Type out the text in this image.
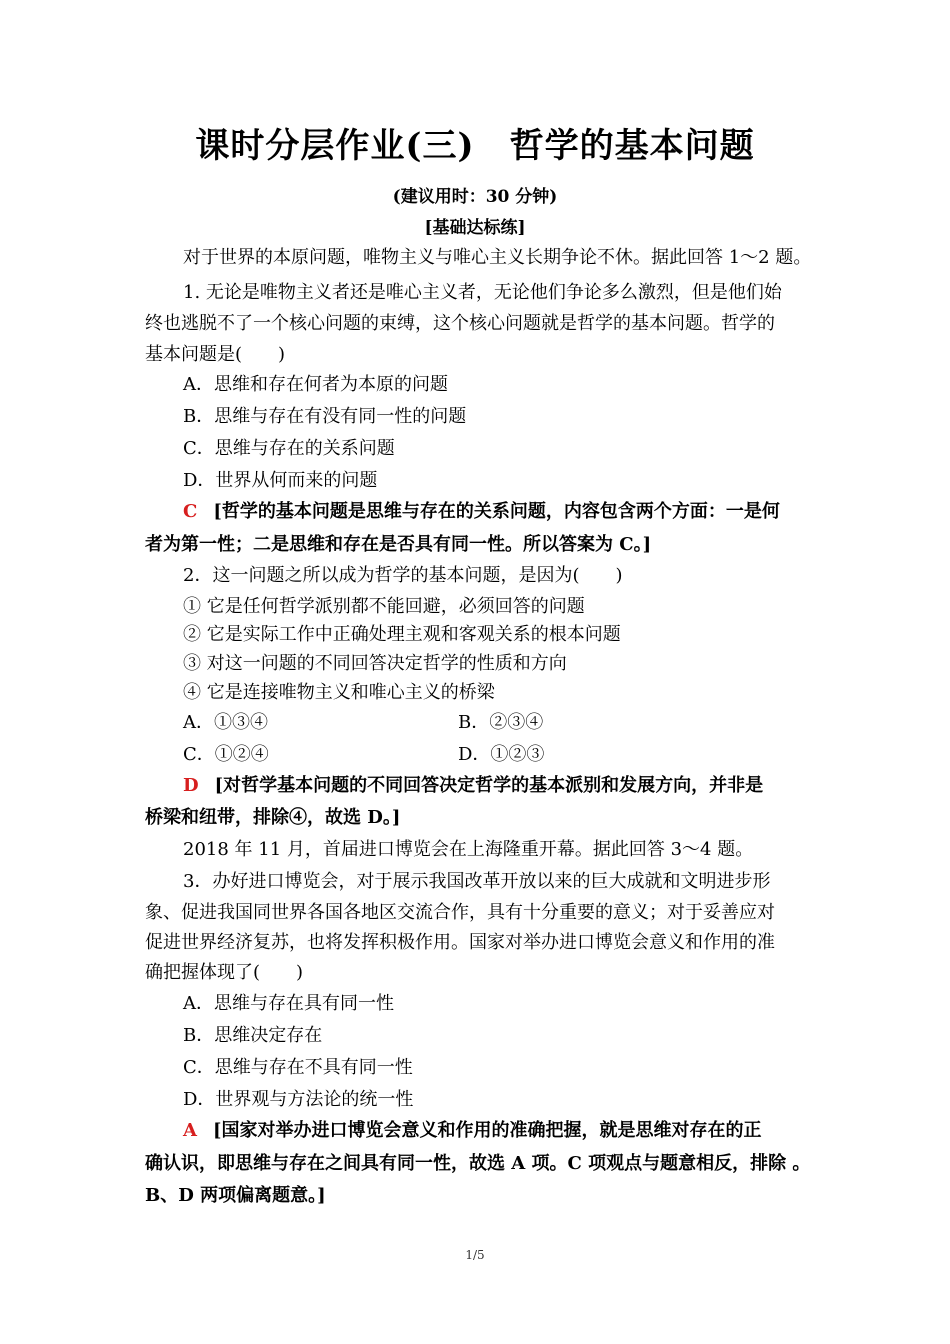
课时分层作业(三)　哲学的基本问题
(建议用时：30 分钟)
[基础达标练]
对于世界的本原问题，唯物主义与唯心主义长期争论不休。据此回答 1～2 题。
1. 无论是唯物主义者还是唯心主义者，无论他们争论多么激烈，但是他们始
终也逃脱不了一个核心问题的束缚，这个核心问题就是哲学的基本问题。哲学的
基本问题是(　　)
A．思维和存在何者为本原的问题
B．思维与存在有没有同一性的问题
C．思维与存在的关系问题
D．世界从何而来的问题
C [哲学的基本问题是思维与存在的关系问题，内容包含两个方面：一是何
者为第一性；二是思维和存在是否具有同一性。所以答案为 C。]
2．这一问题之所以成为哲学的基本问题，是因为(　　)
① 它是任何哲学派别都不能回避，必须回答的问题
② 它是实际工作中正确处理主观和客观关系的根本问题
③ 对这一问题的不同回答决定哲学的性质和方向
④ 它是连接唯物主义和唯心主义的桥梁
A．①③④	B．②③④
C．①②④	D．①②③
D [对哲学基本问题的不同回答决定哲学的基本派别和发展方向，并非是
桥梁和纽带，排除④，故选 D。]
2018 年 11 月，首届进口博览会在上海隆重开幕。据此回答 3～4 题。
3．办好进口博览会，对于展示我国改革开放以来的巨大成就和文明进步形
象、促进我国同世界各国各地区交流合作，具有十分重要的意义；对于妥善应对
促进世界经济复苏，也将发挥积极作用。国家对举办进口博览会意义和作用的准
确把握体现了(　　)
A．思维与存在具有同一性
B．思维决定存在
C．思维与存在不具有同一性
D．世界观与方法论的统一性
A [国家对举办进口博览会意义和作用的准确把握，就是思维对存在的正
确认识，即思维与存在之间具有同一性，故选 A 项。C 项观点与题意相反，排除 。
B、D 两项偏离题意。]
1/5
